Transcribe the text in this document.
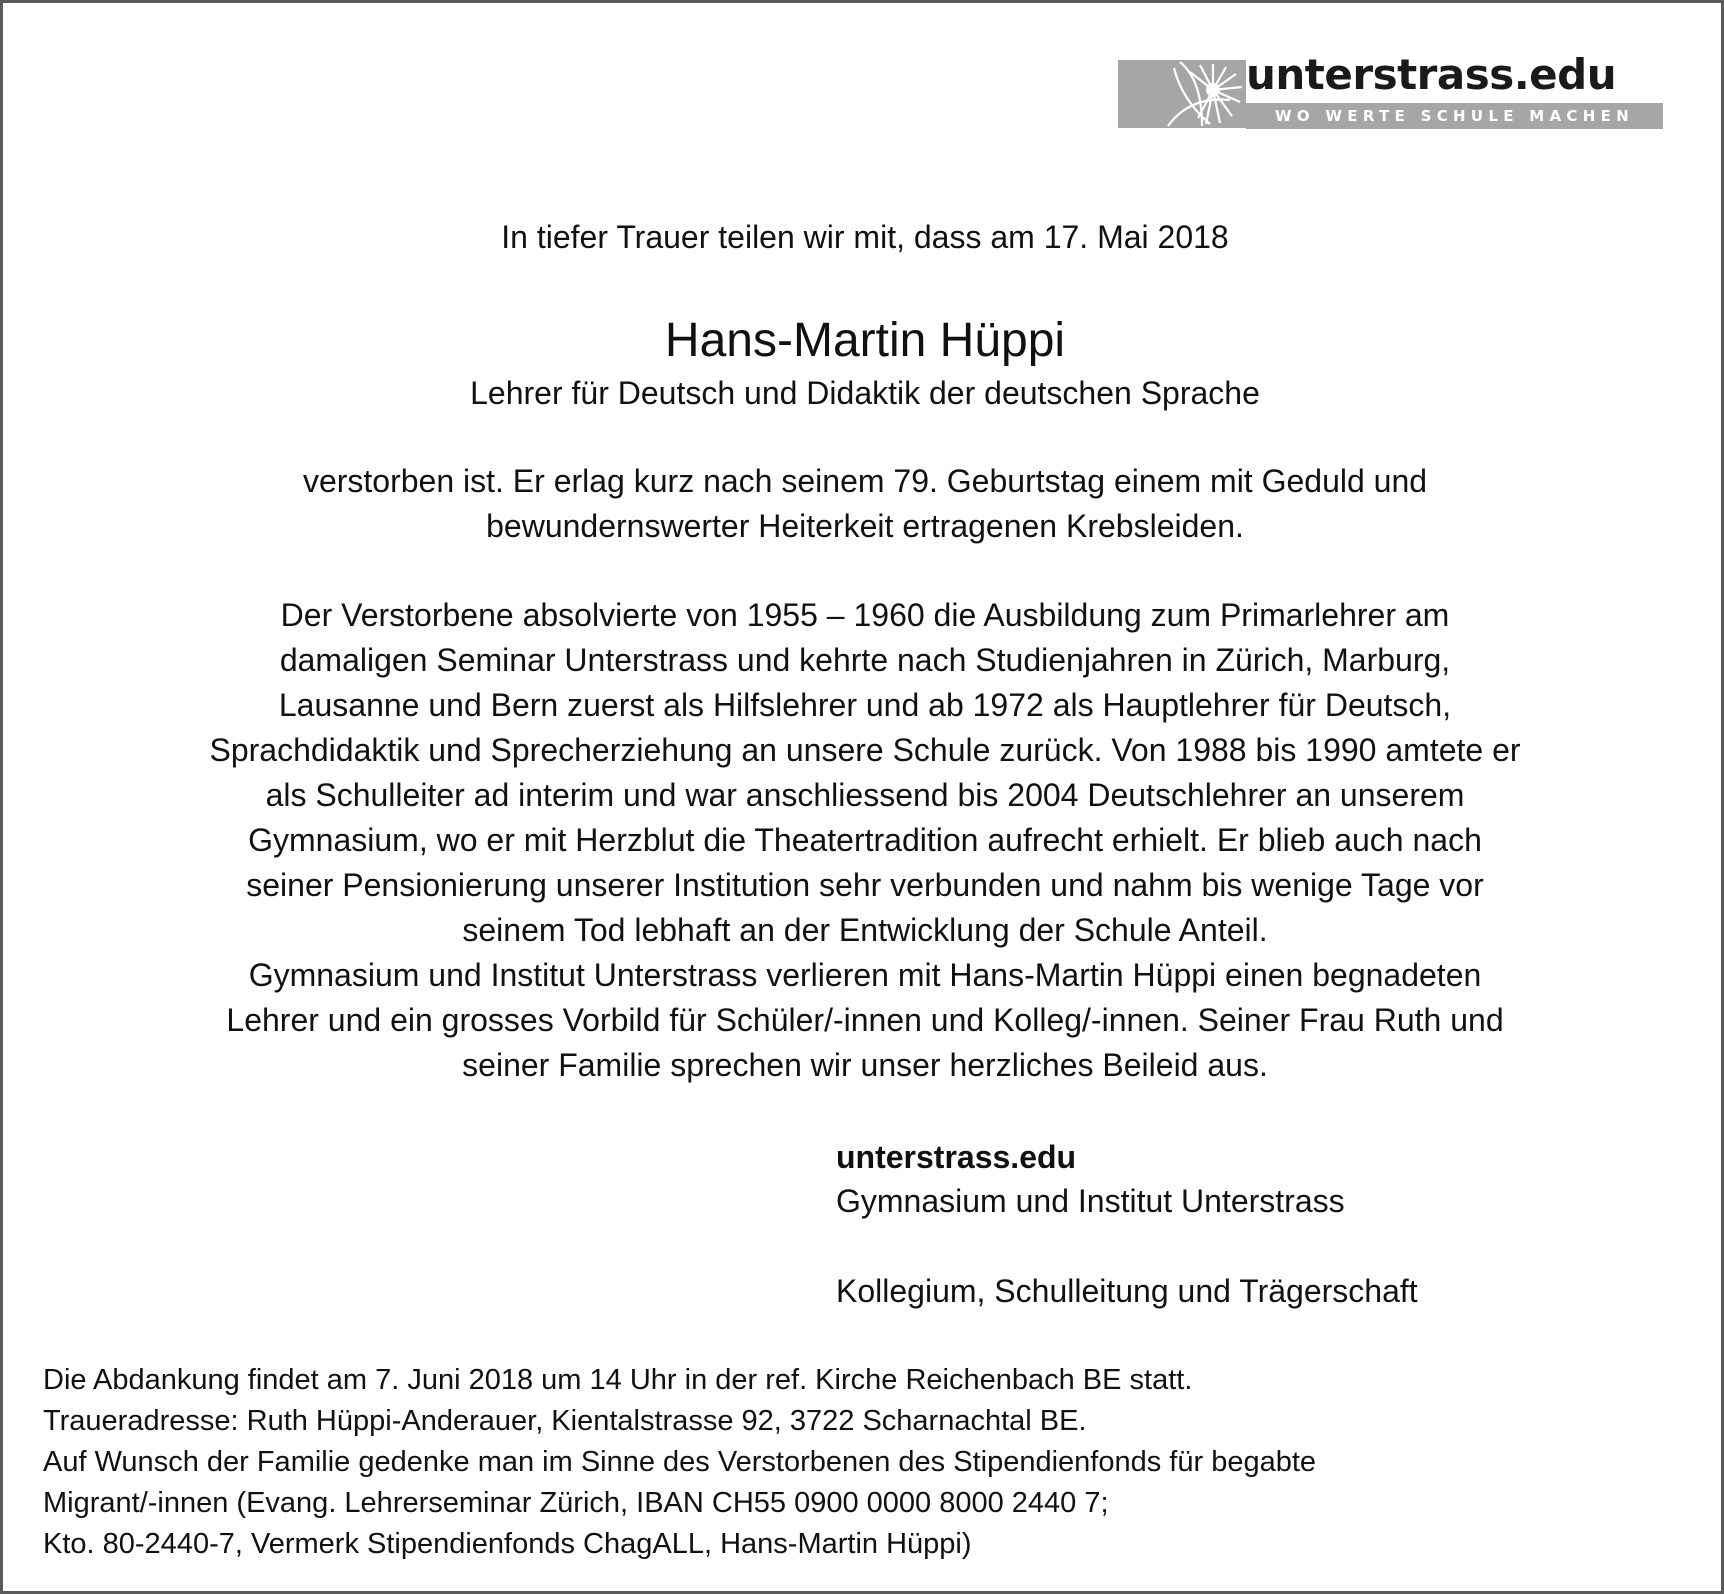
unterstrass.edu
WO WERTE SCHULE MACHEN
In tiefer Trauer teilen wir mit, dass am 17. Mai 2018
Hans-Martin Hüppi
Lehrer für Deutsch und Didaktik der deutschen Sprache
verstorben ist. Er erlag kurz nach seinem 79. Geburtstag einem mit Geduld und
bewundernswerter Heiterkeit ertragenen Krebsleiden.
Der Verstorbene absolvierte von 1955 – 1960 die Ausbildung zum Primarlehrer am
damaligen Seminar Unterstrass und kehrte nach Studienjahren in Zürich, Marburg,
Lausanne und Bern zuerst als Hilfslehrer und ab 1972 als Hauptlehrer für Deutsch,
Sprachdidaktik und Sprecherziehung an unsere Schule zurück. Von 1988 bis 1990 amtete er
als Schulleiter ad interim und war anschliessend bis 2004 Deutschlehrer an unserem
Gymnasium, wo er mit Herzblut die Theatertradition aufrecht erhielt. Er blieb auch nach
seiner Pensionierung unserer Institution sehr verbunden und nahm bis wenige Tage vor
seinem Tod lebhaft an der Entwicklung der Schule Anteil.
Gymnasium und Institut Unterstrass verlieren mit Hans-Martin Hüppi einen begnadeten
Lehrer und ein grosses Vorbild für Schüler/-innen und Kolleg/-innen. Seiner Frau Ruth und
seiner Familie sprechen wir unser herzliches Beileid aus.
unterstrass.edu
Gymnasium und Institut Unterstrass
Kollegium, Schulleitung und Trägerschaft
Die Abdankung findet am 7. Juni 2018 um 14 Uhr in der ref. Kirche Reichenbach BE statt.
Traueradresse: Ruth Hüppi-Anderauer, Kientalstrasse 92, 3722 Scharnachtal BE.
Auf Wunsch der Familie gedenke man im Sinne des Verstorbenen des Stipendienfonds für begabte
Migrant/-innen (Evang. Lehrerseminar Zürich, IBAN CH55 0900 0000 8000 2440 7;
Kto. 80-2440-7, Vermerk Stipendienfonds ChagALL, Hans-Martin Hüppi)
